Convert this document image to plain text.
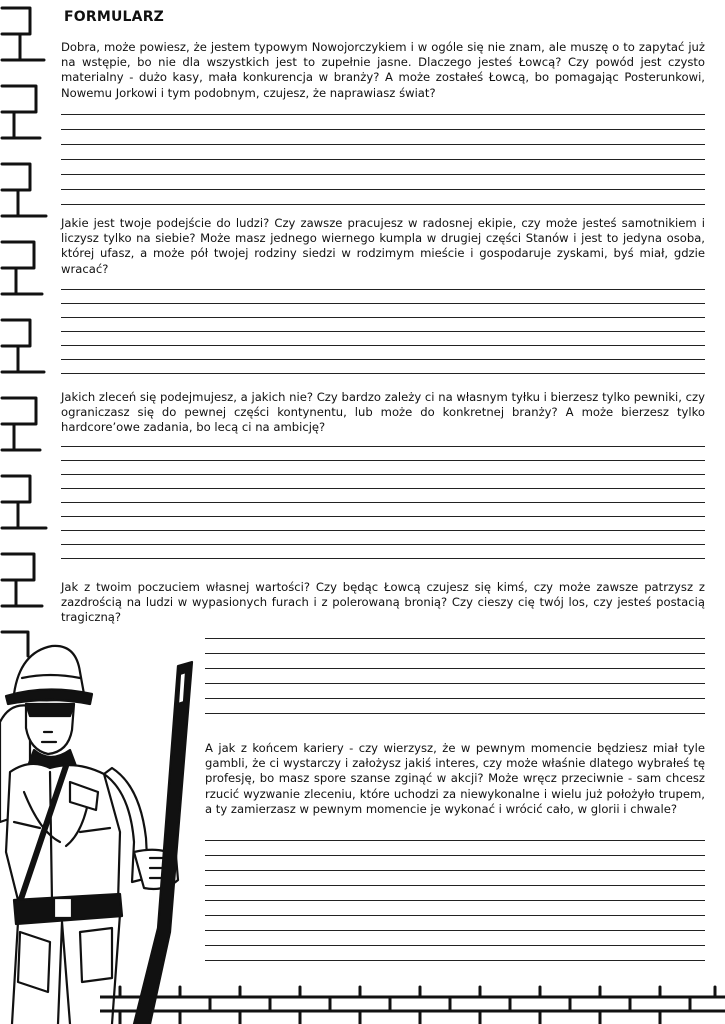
FORMULARZ
Dobra, może powiesz, że jestem typowym Nowojorczykiem i w ogóle się nie znam, ale muszę o to zapytać już na wstępie, bo nie dla wszystkich jest to zupełnie jasne. Dlaczego jesteś Łowcą? Czy powód jest czysto materialny - dużo kasy, mała konkurencja w branży? A może zostałeś Łowcą, bo pomagając Posterunkowi, Nowemu Jorkowi i tym podobnym, czujesz, że naprawiasz świat?
Jakie jest twoje podejście do ludzi? Czy zawsze pracujesz w radosnej ekipie, czy może jesteś samotnikiem i liczysz tylko na siebie? Może masz jednego wiernego kumpla w drugiej części Stanów i jest to jedyna osoba, której ufasz, a może pół twojej rodziny siedzi w rodzimym mieście i gospodaruje zyskami, byś miał, gdzie wracać?
Jakich zleceń się podejmujesz, a jakich nie? Czy bardzo zależy ci na własnym tyłku i bierzesz tylko pewniki, czy ograniczasz się do pewnej części kontynentu, lub może do konkretnej branży? A może bierzesz tylko hardcore’owe zadania, bo lecą ci na ambicję?
Jak z twoim poczuciem własnej wartości? Czy będąc Łowcą czujesz się kimś, czy może zawsze patrzysz z zazdrością na ludzi w wypasionych furach i z polerowaną bronią? Czy cieszy cię twój los, czy jesteś postacią tragiczną?
A jak z końcem kariery - czy wierzysz, że w pewnym momencie będziesz miał tyle gambli, że ci wystarczy i założysz jakiś interes, czy może właśnie dlatego wybrałeś tę profesję, bo masz spore szanse zginąć w akcji? Może wręcz przeciwnie - sam chcesz rzucić wyzwanie zleceniu, które uchodzi za niewykonalne i wielu już położyło trupem, a ty zamierzasz w pewnym momencie je wykonać i wrócić cało, w glorii i chwale?
